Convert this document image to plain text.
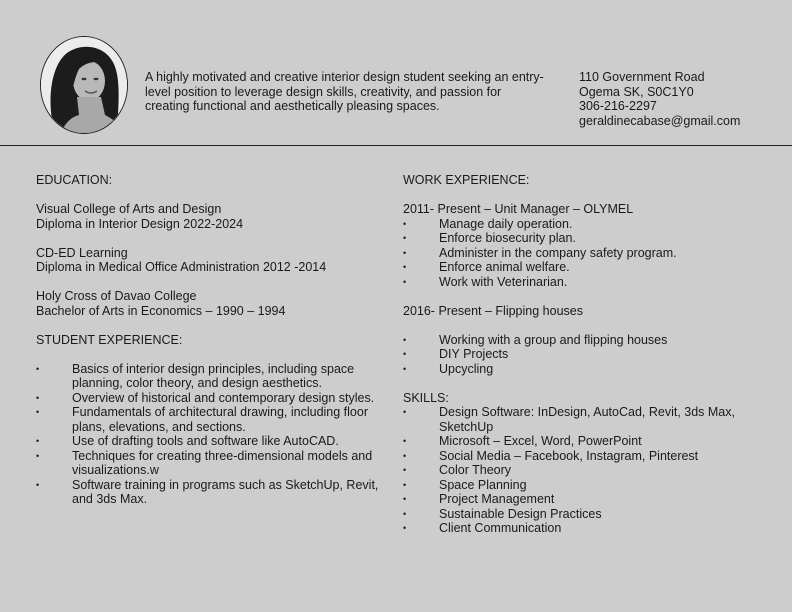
A highly motivated and creative interior design student seeking an entry-level position to leverage design skills, creativity, and passion for creating functional and aesthetically pleasing spaces.
110 Government Road
Ogema SK, S0C1Y0
306-216-2297
geraldinecabase@gmail.com
EDUCATION:
Visual College of Arts and Design
Diploma in Interior Design 2022-2024
CD-ED Learning
Diploma in Medical Office Administration 2012 -2014
Holy Cross of Davao College
Bachelor of Arts in Economics – 1990 – 1994
STUDENT EXPERIENCE:
• Basics of interior design principles, including space planning, color theory, and design aesthetics.
• Overview of historical and contemporary design styles.
• Fundamentals of architectural drawing, including floor plans, elevations, and sections.
• Use of drafting tools and software like AutoCAD.
• Techniques for creating three-dimensional models and visualizations.w
• Software training in programs such as SketchUp, Revit, and 3ds Max.
WORK EXPERIENCE:
2011- Present – Unit Manager – OLYMEL
• Manage daily operation.
• Enforce biosecurity plan.
• Administer in the company safety program.
• Enforce animal welfare.
• Work with Veterinarian.
2016- Present – Flipping houses
• Working with a group and flipping houses
• DIY Projects
• Upcycling
SKILLS:
• Design Software: InDesign, AutoCad, Revit, 3ds Max, SketchUp
• Microsoft – Excel, Word, PowerPoint
• Social Media – Facebook, Instagram, Pinterest
• Color Theory
• Space Planning
• Project Management
• Sustainable Design Practices
• Client Communication
